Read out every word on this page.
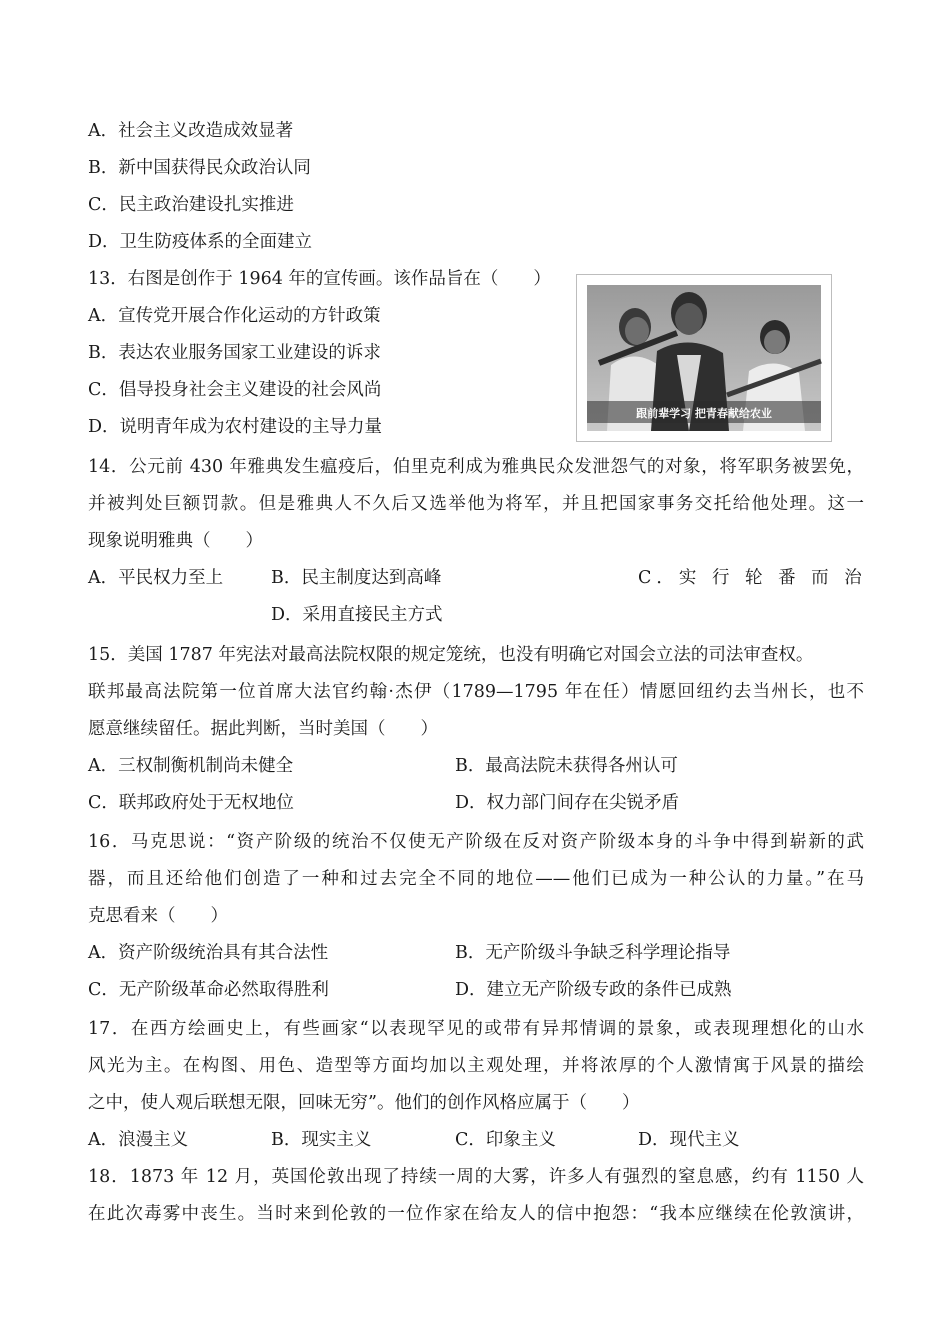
A．社会主义改造成效显著
B．新中国获得民众政治认同
C．民主政治建设扎实推进
D．卫生防疫体系的全面建立
13．右图是创作于 1964 年的宣传画。该作品旨在（　　）
A．宣传党开展合作化运动的方针政策
B．表达农业服务国家工业建设的诉求
C．倡导投身社会主义建设的社会风尚
D．说明青年成为农村建设的主导力量
跟前辈学习 把青春献给农业
14．公元前 430 年雅典发生瘟疫后，伯里克利成为雅典民众发泄怨气的对象，将军职务被罢免，
并被判处巨额罚款。但是雅典人不久后又选举他为将军，并且把国家事务交托给他处理。这一
现象说明雅典（　　）
A．平民权力至上	B．民主制度达到高峰	C．实 行 轮 番 而 治
D．采用直接民主方式
15．美国 1787 年宪法对最高法院权限的规定笼统，也没有明确它对国会立法的司法审查权。
联邦最高法院第一位首席大法官约翰·杰伊（1789—1795 年在任）情愿回纽约去当州长，也不
愿意继续留任。据此判断，当时美国（　　）
A．三权制衡机制尚未健全	B．最高法院未获得各州认可
C．联邦政府处于无权地位	D．权力部门间存在尖锐矛盾
16．马克思说：“资产阶级的统治不仅使无产阶级在反对资产阶级本身的斗争中得到崭新的武
器，而且还给他们创造了一种和过去完全不同的地位——他们已成为一种公认的力量。”在马
克思看来（　　）
A．资产阶级统治具有其合法性	B．无产阶级斗争缺乏科学理论指导
C．无产阶级革命必然取得胜利	D．建立无产阶级专政的条件已成熟
17．在西方绘画史上，有些画家“以表现罕见的或带有异邦情调的景象，或表现理想化的山水
风光为主。在构图、用色、造型等方面均加以主观处理，并将浓厚的个人激情寓于风景的描绘
之中，使人观后联想无限，回味无穷”。他们的创作风格应属于（　　）
A．浪漫主义	B．现实主义	C．印象主义	D．现代主义
18．1873 年 12 月，英国伦敦出现了持续一周的大雾，许多人有强烈的窒息感，约有 1150 人
在此次毒雾中丧生。当时来到伦敦的一位作家在给友人的信中抱怨：“我本应继续在伦敦演讲，
